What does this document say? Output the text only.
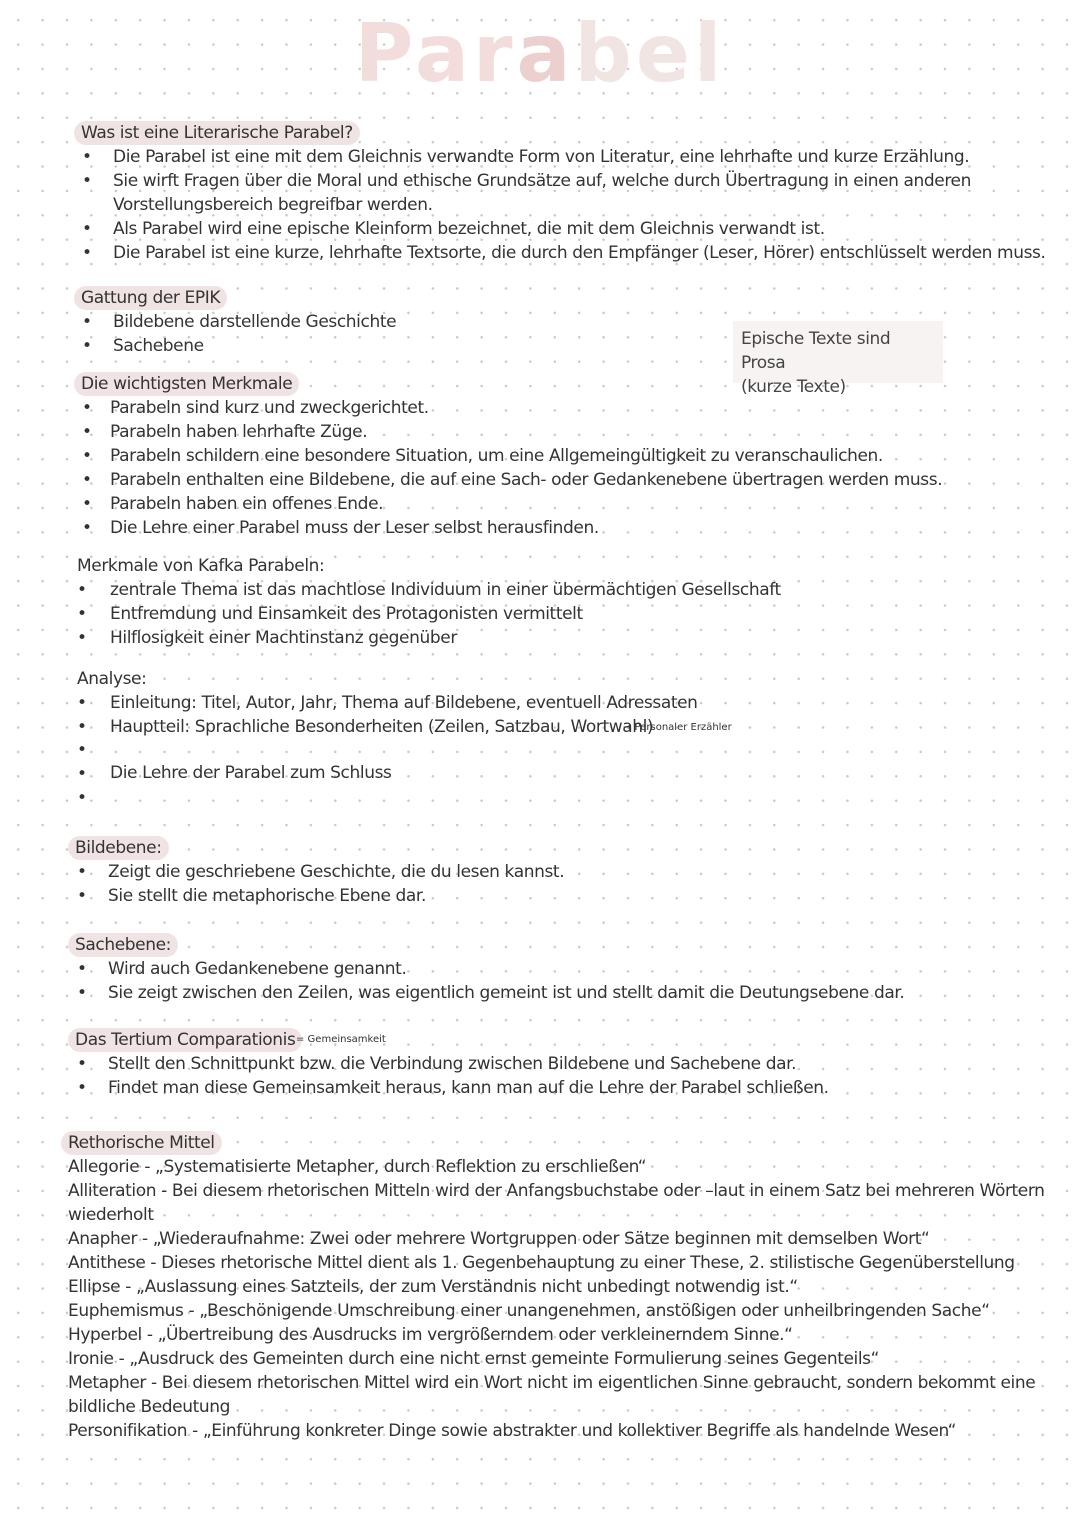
Parabel
Was ist eine Literarische Parabel?
•
Die Parabel ist eine mit dem Gleichnis verwandte Form von Literatur, eine lehrhafte und kurze Erzählung.
•
Sie wirft Fragen über die Moral und ethische Grundsätze auf, welche durch Übertragung in einen anderen
Vorstellungsbereich begreifbar werden.
•
Als Parabel wird eine epische Kleinform bezeichnet, die mit dem Gleichnis verwandt ist.
•
Die Parabel ist eine kurze, lehrhafte Textsorte, die durch den Empfänger (Leser, Hörer) entschlüsselt werden muss.
Gattung der EPIK
•
Bildebene darstellende Geschichte
•
Sachebene	Epische Texte sind Prosa
(kurze Texte)
Die wichtigsten Merkmale
•
Parabeln sind kurz und zweckgerichtet.
•
Parabeln haben lehrhafte Züge.
•
Parabeln schildern eine besondere Situation, um eine Allgemeingültigkeit zu veranschaulichen.
•
Parabeln enthalten eine Bildebene, die auf eine Sach- oder Gedankenebene übertragen werden muss.
•
Parabeln haben ein offenes Ende.
•
Die Lehre einer Parabel muss der Leser selbst herausfinden.
Merkmale von Kafka Parabeln:
•
zentrale Thema ist das machtlose Individuum in einer übermächtigen Gesellschaft
•
Entfremdung und Einsamkeit des Protagonisten vermittelt
•
Hilflosigkeit einer Machtinstanz gegenüber
Analyse:
•
Einleitung: Titel, Autor, Jahr, Thema auf Bildebene, eventuell Adressaten
•
Hauptteil: Sprachliche Besonderheiten (Zeilen, Satzbau, Wortwahl)
→ Personaler Erzähler
•
•
Die Lehre der Parabel zum Schluss
•
Bildebene:
•
Zeigt die geschriebene Geschichte, die du lesen kannst.
•
Sie stellt die metaphorische Ebene dar.
Sachebene:
•
Wird auch Gedankenebene genannt.
•
Sie zeigt zwischen den Zeilen, was eigentlich gemeint ist und stellt damit die Deutungsebene dar.
Das Tertium Comparationis = Gemeinsamkeit
•
Stellt den Schnittpunkt bzw. die Verbindung zwischen Bildebene und Sachebene dar.
•
Findet man diese Gemeinsamkeit heraus, kann man auf die Lehre der Parabel schließen.
Rethorische Mittel
Allegorie - „Systematisierte Metapher, durch Reflektion zu erschließen“
Alliteration - Bei diesem rhetorischen Mitteln wird der Anfangsbuchstabe oder –laut in einem Satz bei mehreren Wörtern
wiederholt
Anapher - „Wiederaufnahme: Zwei oder mehrere Wortgruppen oder Sätze beginnen mit demselben Wort“
Antithese - Dieses rhetorische Mittel dient als 1. Gegenbehauptung zu einer These, 2. stilistische Gegenüberstellung
Ellipse - „Auslassung eines Satzteils, der zum Verständnis nicht unbedingt notwendig ist.“
Euphemismus - „Beschönigende Umschreibung einer unangenehmen, anstößigen oder unheilbringenden Sache“
Hyperbel - „Übertreibung des Ausdrucks im vergrößerndem oder verkleinerndem Sinne.“
Ironie - „Ausdruck des Gemeinten durch eine nicht ernst gemeinte Formulierung seines Gegenteils“
Metapher - Bei diesem rhetorischen Mittel wird ein Wort nicht im eigentlichen Sinne gebraucht, sondern bekommt eine
bildliche Bedeutung
Personifikation - „Einführung konkreter Dinge sowie abstrakter und kollektiver Begriffe als handelnde Wesen“
